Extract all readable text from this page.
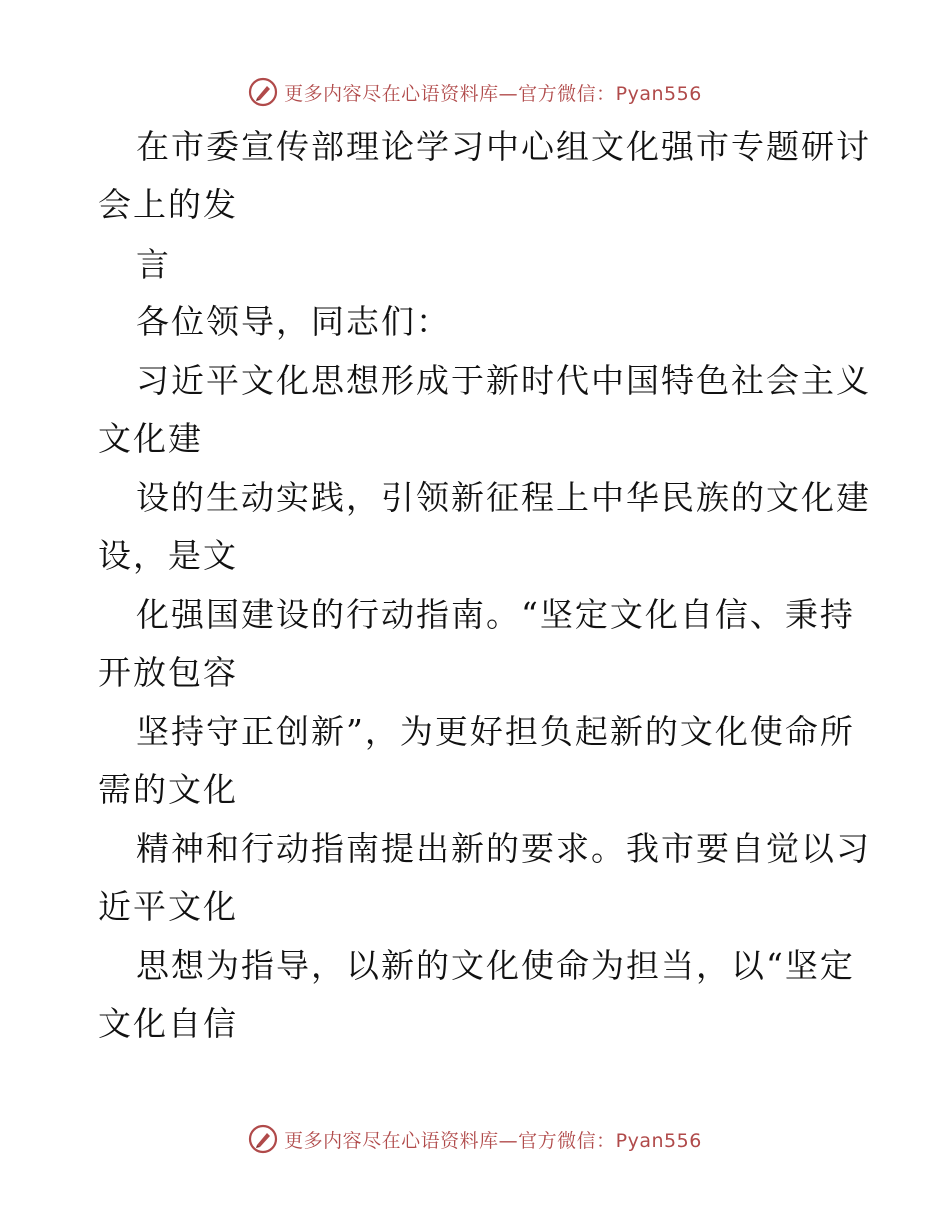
更多内容尽在心语资料库—官方微信：Pyan556
在市委宣传部理论学习中心组文化强市专题研讨
会上的发
言
各位领导，同志们：
习近平文化思想形成于新时代中国特色社会主义
文化建
设的生动实践，引领新征程上中华民族的文化建
设，是文
化强国建设的行动指南。“坚定文化自信、秉持
开放包容
坚持守正创新”，为更好担负起新的文化使命所
需的文化
精神和行动指南提出新的要求。我市要自觉以习
近平文化
思想为指导，以新的文化使命为担当，以“坚定
文化自信
更多内容尽在心语资料库—官方微信：Pyan556
